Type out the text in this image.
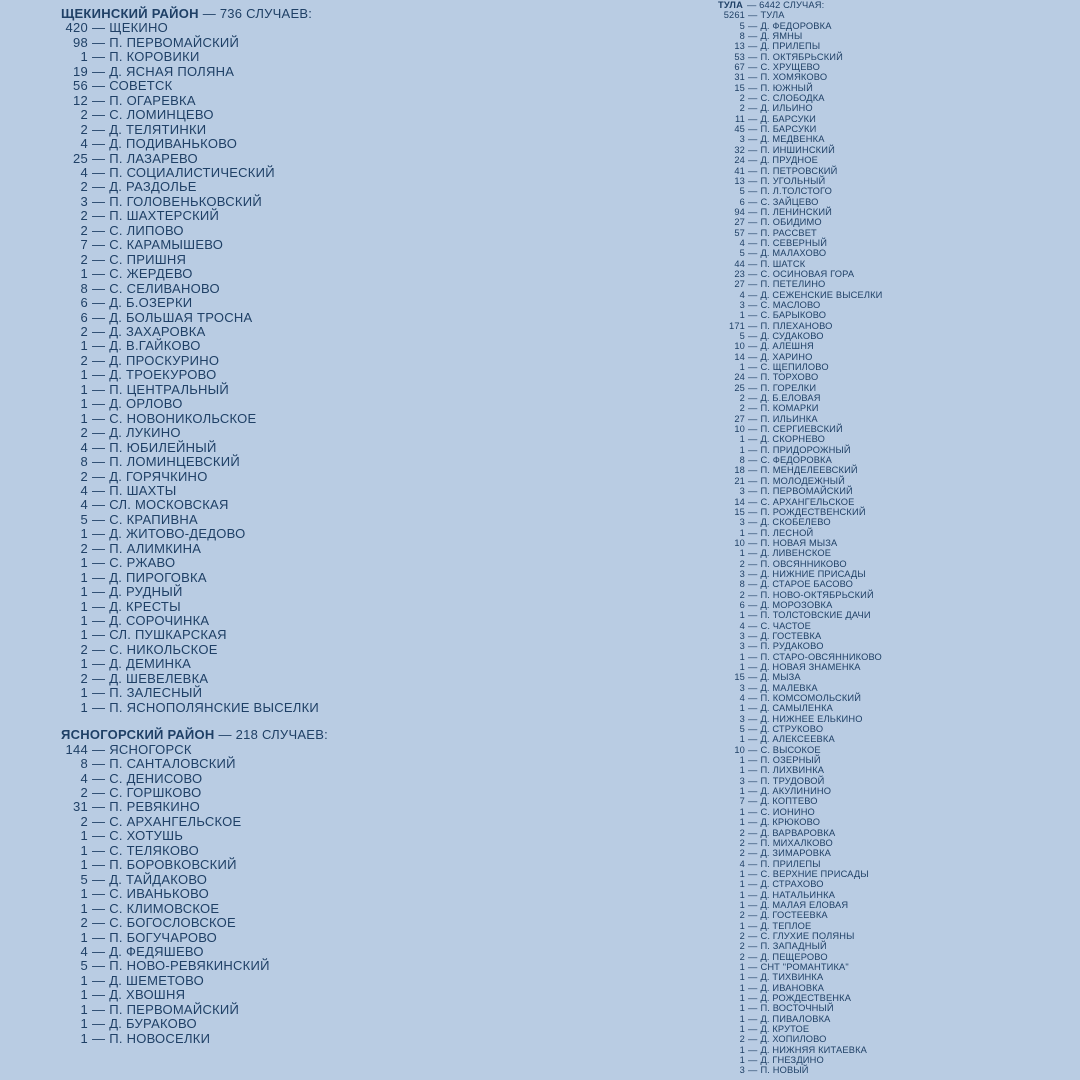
ЩЕКИНСКИЙ РАЙОН — 736 СЛУЧАЕВ:
420 — ЩЕКИНО
98 — П. ПЕРВОМАЙСКИЙ
1 — П. КОРОВИКИ
19 — Д. ЯСНАЯ ПОЛЯНА
56 — СОВЕТСК
12 — П. ОГАРЕВКА
2 — С. ЛОМИНЦЕВО
2 — Д. ТЕЛЯТИНКИ
4 — Д. ПОДИВАНЬКОВО
25 — П. ЛАЗАРЕВО
4 — П. СОЦИАЛИСТИЧЕСКИЙ
2 — Д. РАЗДОЛЬЕ
3 — П. ГОЛОВЕНЬКОВСКИЙ
2 — П. ШАХТЕРСКИЙ
2 — С. ЛИПОВО
7 — С. КАРАМЫШЕВО
2 — С. ПРИШНЯ
1 — С. ЖЕРДЕВО
8 — С. СЕЛИВАНОВО
6 — Д. Б.ОЗЕРКИ
6 — Д. БОЛЬШАЯ ТРОСНА
2 — Д. ЗАХАРОВКА
1 — Д. В.ГАЙКОВО
2 — Д. ПРОСКУРИНО
1 — Д. ТРОЕКУРОВО
1 — П. ЦЕНТРАЛЬНЫЙ
1 — Д. ОРЛОВО
1 — С. НОВОНИКОЛЬСКОЕ
2 — Д. ЛУКИНО
4 — П. ЮБИЛЕЙНЫЙ
8 — П. ЛОМИНЦЕВСКИЙ
2 — Д. ГОРЯЧКИНО
4 — П. ШАХТЫ
4 — СЛ. МОСКОВСКАЯ
5 — С. КРАПИВНА
1 — Д. ЖИТОВО-ДЕДОВО
2 — П. АЛИМКИНА
1 — С. РЖАВО
1 — Д. ПИРОГОВКА
1 — Д. РУДНЫЙ
1 — Д. КРЕСТЫ
1 — Д. СОРОЧИНКА
1 — СЛ. ПУШКАРСКАЯ
2 — С. НИКОЛЬСКОЕ
1 — Д. ДЕМИНКА
2 — Д. ШЕВЕЛЕВКА
1 — П. ЗАЛЕСНЫЙ
1 — П. ЯСНОПОЛЯНСКИЕ ВЫСЕЛКИ
ЯСНОГОРСКИЙ РАЙОН — 218 СЛУЧАЕВ:
144 — ЯСНОГОРСК
8 — П. САНТАЛОВСКИЙ
4 — С. ДЕНИСОВО
2 — С. ГОРШКОВО
31 — П. РЕВЯКИНО
2 — С. АРХАНГЕЛЬСКОЕ
1 — С. ХОТУШЬ
1 — С. ТЕЛЯКОВО
1 — П. БОРОВКОВСКИЙ
5 — Д. ТАЙДАКОВО
1 — С. ИВАНЬКОВО
1 — С. КЛИМОВСКОЕ
2 — С. БОГОСЛОВСКОЕ
1 — П. БОГУЧАРОВО
4 — Д. ФЕДЯШЕВО
5 — П. НОВО-РЕВЯКИНСКИЙ
1 — Д. ШЕМЕТОВО
1 — Д. ХВОШНЯ
1 — П. ПЕРВОМАЙСКИЙ
1 — Д. БУРАКОВО
1 — П. НОВОСЕЛКИ
ТУЛА — 6442 СЛУЧАЯ:
5261 — ТУЛА
5 — Д. ФЕДОРОВКА
8 — Д. ЯМНЫ
13 — Д. ПРИЛЕПЫ
53 — П. ОКТЯБРЬСКИЙ
67 — С. ХРУЩЕВО
31 — П. ХОМЯКОВО
15 — П. ЮЖНЫЙ
2 — С. СЛОБОДКА
2 — Д. ИЛЬИНО
11 — Д. БАРСУКИ
45 — П. БАРСУКИ
3 — Д. МЕДВЕНКА
32 — П. ИНШИНСКИЙ
24 — Д. ПРУДНОЕ
41 — П. ПЕТРОВСКИЙ
13 — П. УГОЛЬНЫЙ
5 — П. Л.ТОЛСТОГО
6 — С. ЗАЙЦЕВО
94 — П. ЛЕНИНСКИЙ
27 — П. ОБИДИМО
57 — П. РАССВЕТ
4 — П. СЕВЕРНЫЙ
5 — Д. МАЛАХОВО
44 — П. ШАТСК
23 — С. ОСИНОВАЯ ГОРА
27 — П. ПЕТЕЛИНО
4 — Д. СЕЖЕНСКИЕ ВЫСЕЛКИ
3 — С. МАСЛОВО
1 — С. БАРЫКОВО
171 — П. ПЛЕХАНОВО
5 — Д. СУДАКОВО
10 — Д. АЛЕШНЯ
14 — Д. ХАРИНО
1 — С. ЩЕПИЛОВО
24 — П. ТОРХОВО
25 — П. ГОРЕЛКИ
2 — Д. Б.ЕЛОВАЯ
2 — П. КОМАРКИ
27 — П. ИЛЬИНКА
10 — П. СЕРГИЕВСКИЙ
1 — Д. СКОРНЕВО
1 — П. ПРИДОРОЖНЫЙ
8 — С. ФЕДОРОВКА
18 — П. МЕНДЕЛЕЕВСКИЙ
21 — П. МОЛОДЕЖНЫЙ
3 — П. ПЕРВОМАЙСКИЙ
14 — С. АРХАНГЕЛЬСКОЕ
15 — П. РОЖДЕСТВЕНСКИЙ
3 — Д. СКОБЕЛЕВО
1 — П. ЛЕСНОЙ
10 — П. НОВАЯ МЫЗА
1 — Д. ЛИВЕНСКОЕ
2 — П. ОВСЯННИКОВО
3 — Д. НИЖНИЕ ПРИСАДЫ
8 — Д. СТАРОЕ БАСОВО
2 — П. НОВО-ОКТЯБРЬСКИЙ
6 — Д. МОРОЗОВКА
1 — П. ТОЛСТОВСКИЕ ДАЧИ
4 — С. ЧАСТОЕ
3 — Д. ГОСТЕВКА
3 — П. РУДАКОВО
1 — П. СТАРО-ОВСЯННИКОВО
1 — Д. НОВАЯ ЗНАМЕНКА
15 — Д. МЫЗА
3 — Д. МАЛЕВКА
4 — П. КОМСОМОЛЬСКИЙ
1 — Д. САМЫЛЕНКА
3 — Д. НИЖНЕЕ ЕЛЬКИНО
5 — Д. СТРУКОВО
1 — Д. АЛЕКСЕЕВКА
10 — С. ВЫСОКОЕ
1 — П. ОЗЕРНЫЙ
1 — П. ЛИХВИНКА
3 — П. ТРУДОВОЙ
1 — Д. АКУЛИНИНО
7 — Д. КОПТЕВО
1 — С. ИОНИНО
1 — Д. КРЮКОВО
2 — Д. ВАРВАРОВКА
2 — П. МИХАЛКОВО
2 — Д. ЗИМАРОВКА
4 — П. ПРИЛЕПЫ
1 — С. ВЕРХНИЕ ПРИСАДЫ
1 — Д. СТРАХОВО
1 — Д. НАТАЛЬИНКА
1 — Д. МАЛАЯ ЕЛОВАЯ
2 — Д. ГОСТЕЕВКА
1 — Д. ТЕПЛОЕ
2 — С. ГЛУХИЕ ПОЛЯНЫ
2 — П. ЗАПАДНЫЙ
2 — Д. ПЕЩЕРОВО
1 — СНТ "РОМАНТИКА"
1 — Д. ТИХВИНКА
1 — Д. ИВАНОВКА
1 — Д. РОЖДЕСТВЕНКА
1 — П. ВОСТОЧНЫЙ
1 — Д. ПИВАЛОВКА
1 — Д. КРУТОЕ
2 — Д. ХОПИЛОВО
1 — Д. НИЖНЯЯ КИТАЕВКА
1 — Д. ГНЕЗДИНО
3 — П. НОВЫЙ
